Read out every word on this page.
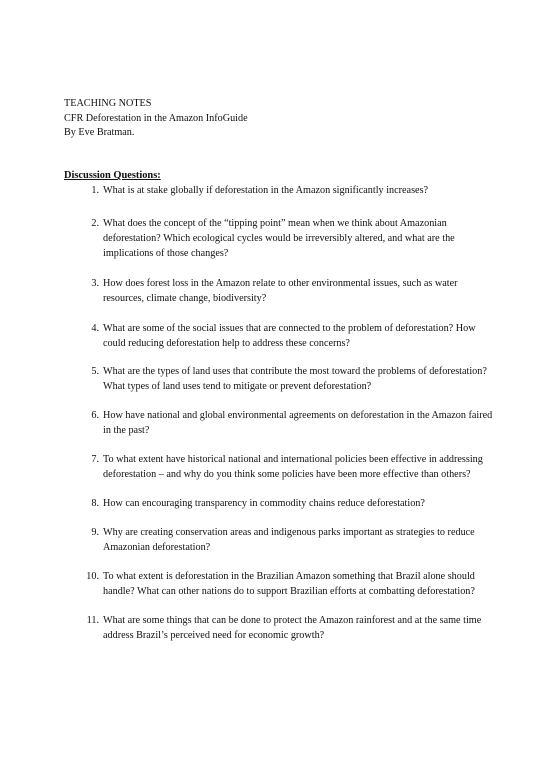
TEACHING NOTES
CFR Deforestation in the Amazon InfoGuide
By Eve Bratman.
Discussion Questions:
1. What is at stake globally if deforestation in the Amazon significantly increases?
2. What does the concept of the “tipping point” mean when we think about Amazonian deforestation? Which ecological cycles would be irreversibly altered, and what are the implications of those changes?
3. How does forest loss in the Amazon relate to other environmental issues, such as water resources, climate change, biodiversity?
4. What are some of the social issues that are connected to the problem of deforestation? How could reducing deforestation help to address these concerns?
5. What are the types of land uses that contribute the most toward the problems of deforestation? What types of land uses tend to mitigate or prevent deforestation?
6. How have national and global environmental agreements on deforestation in the Amazon faired in the past?
7. To what extent have historical national and international policies been effective in addressing deforestation – and why do you think some policies have been more effective than others?
8. How can encouraging transparency in commodity chains reduce deforestation?
9. Why are creating conservation areas and indigenous parks important as strategies to reduce Amazonian deforestation?
10. To what extent is deforestation in the Brazilian Amazon something that Brazil alone should handle? What can other nations do to support Brazilian efforts at combatting deforestation?
11. What are some things that can be done to protect the Amazon rainforest and at the same time address Brazil’s perceived need for economic growth?
